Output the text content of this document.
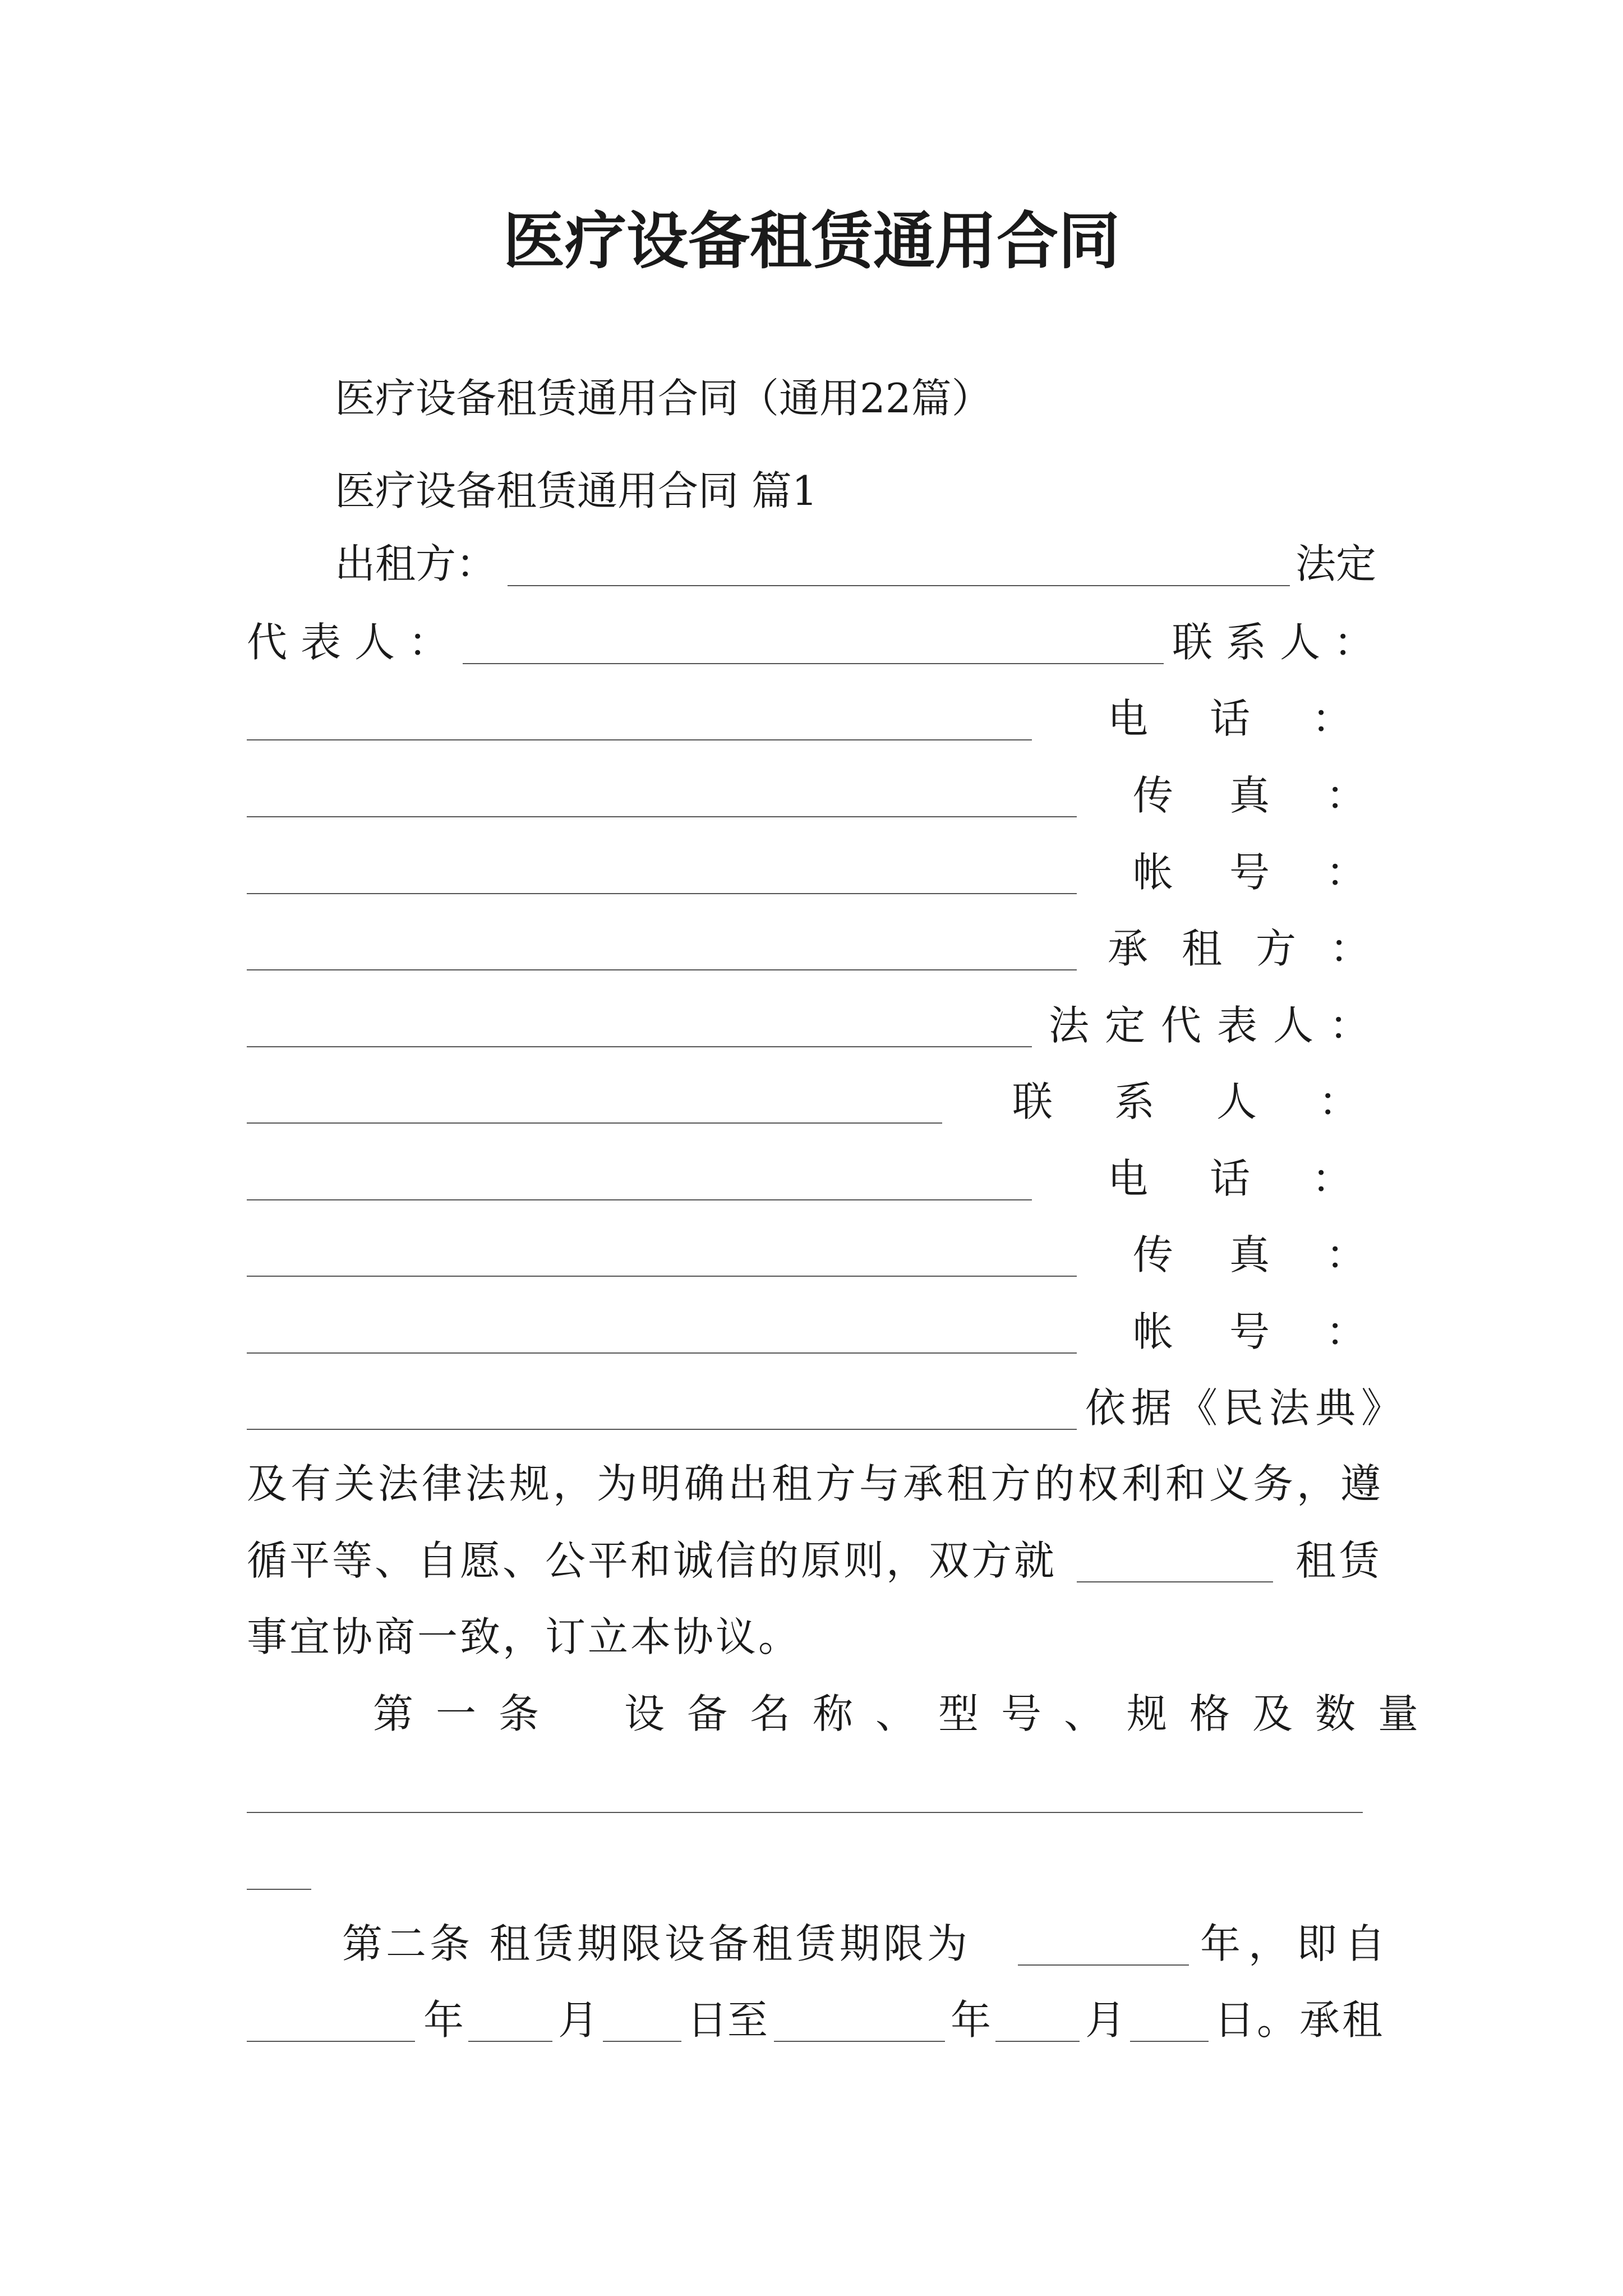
医疗设备租赁通用合同
医疗设备租赁通用合同（通用22篇）
医疗设备租赁通用合同 篇1
出租方：	法定
代表人：	联系人：
电话：
传真：
帐号：
承租方：
法定代表人：
联系人：
电话：
传真：
帐号：
依据《民法典》
及有关法律法规，为明确出租方与承租方的权利和义务，遵
循平等、自愿、公平和诚信的原则，双方就	租赁
事宜协商一致，订立本协议。
第一条　设备名称、型号、规格及数量
第二条 租赁期限设备租赁期限为	年，即自
年 月 日至	年 月 日。承租
